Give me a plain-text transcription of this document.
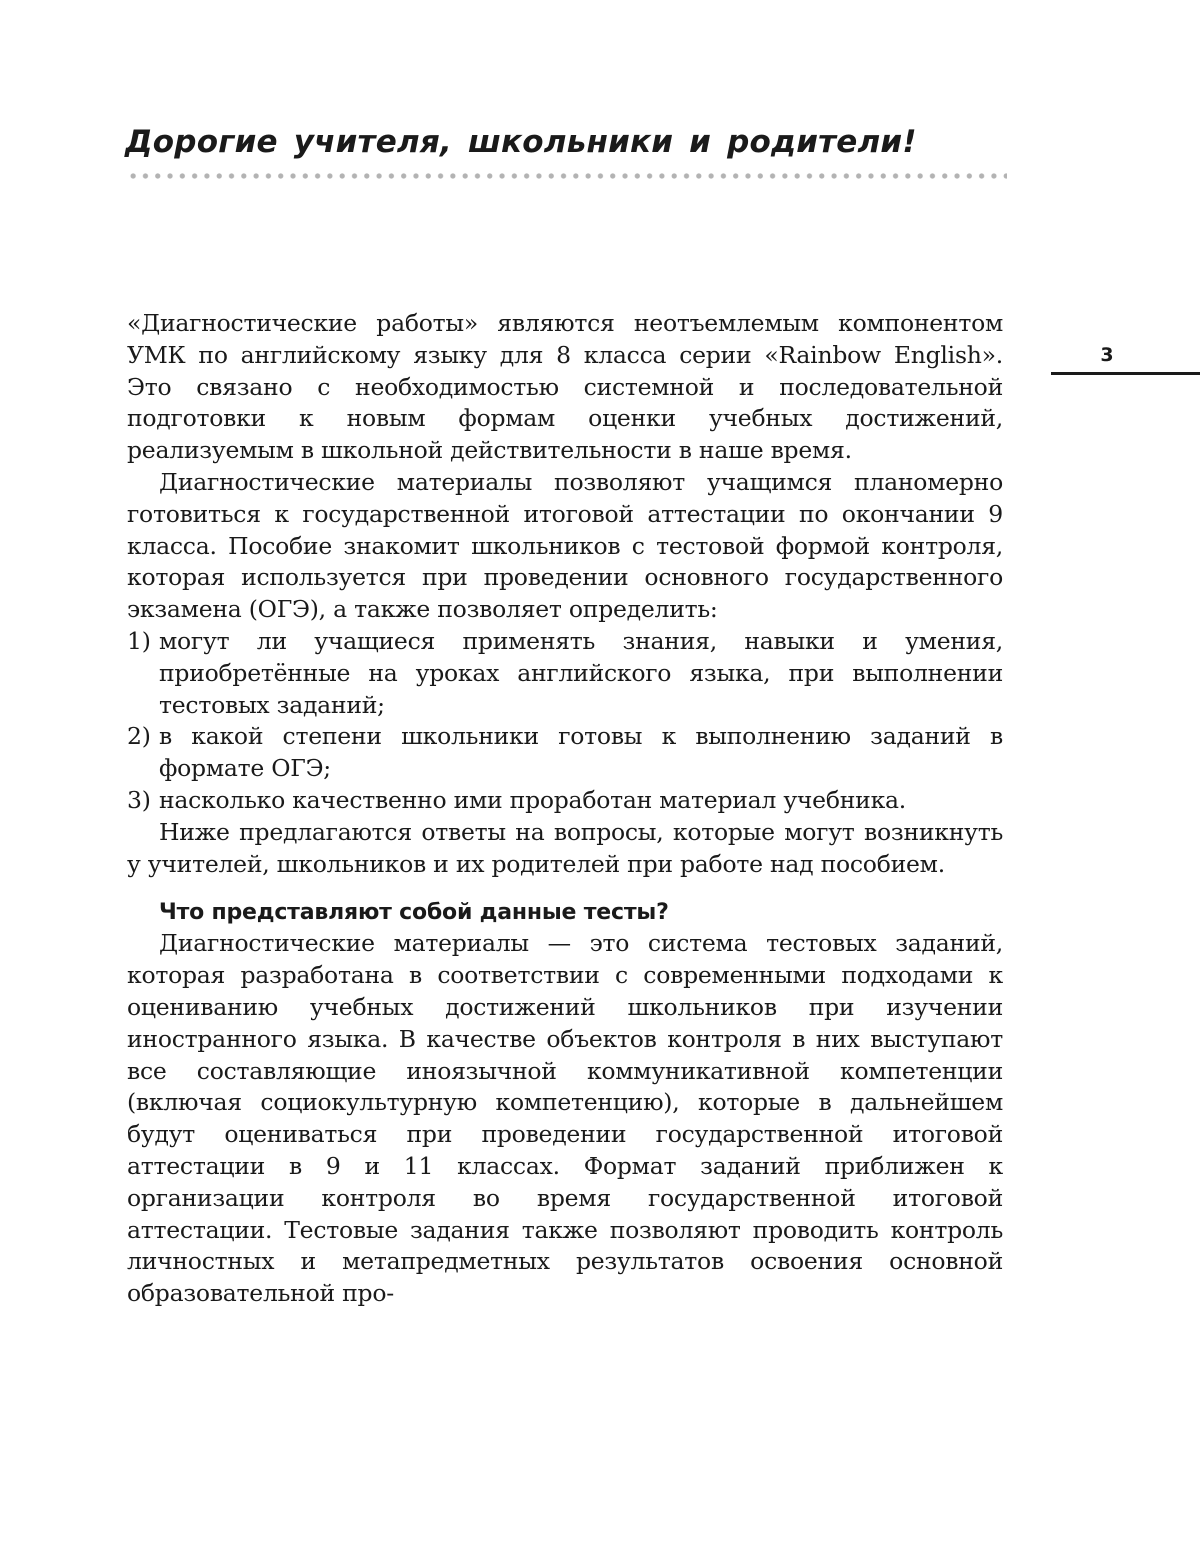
Дорогие учителя, школьники и родители!
3

«Диагностические работы» являются неотъемлемым компонентом УМК по английскому языку для 8 класса серии «Rainbow English». Это связано с необходимостью системной и последовательной подготовки к новым формам оценки учебных достижений, реализуемым в школьной действительности в наше время.

Диагностические материалы позволяют учащимся планомерно готовиться к государственной итоговой аттестации по окончании 9 класса. Пособие знакомит школьников с тестовой формой контроля, которая используется при проведении основного государственного экзамена (ОГЭ), а также позволяет определить:

1) могут ли учащиеся применять знания, навыки и умения, приобретённые на уроках английского языка, при выполнении тестовых заданий;
2) в какой степени школьники готовы к выполнению заданий в формате ОГЭ;
3) насколько качественно ими проработан материал учебника.

Ниже предлагаются ответы на вопросы, которые могут возникнуть у учителей, школьников и их родителей при работе над пособием.

Что представляют собой данные тесты?

Диагностические материалы — это система тестовых заданий, которая разработана в соответствии с современными подходами к оцениванию учебных достижений школьников при изучении иностранного языка. В качестве объектов контроля в них выступают все составляющие иноязычной коммуникативной компетенции (включая социокультурную компетенцию), которые в дальнейшем будут оцениваться при проведении государственной итоговой аттестации в 9 и 11 классах. Формат заданий приближен к организации контроля во время государственной итоговой аттестации. Тестовые задания также позволяют проводить контроль личностных и метапредметных результатов освоения основной образовательной про-
